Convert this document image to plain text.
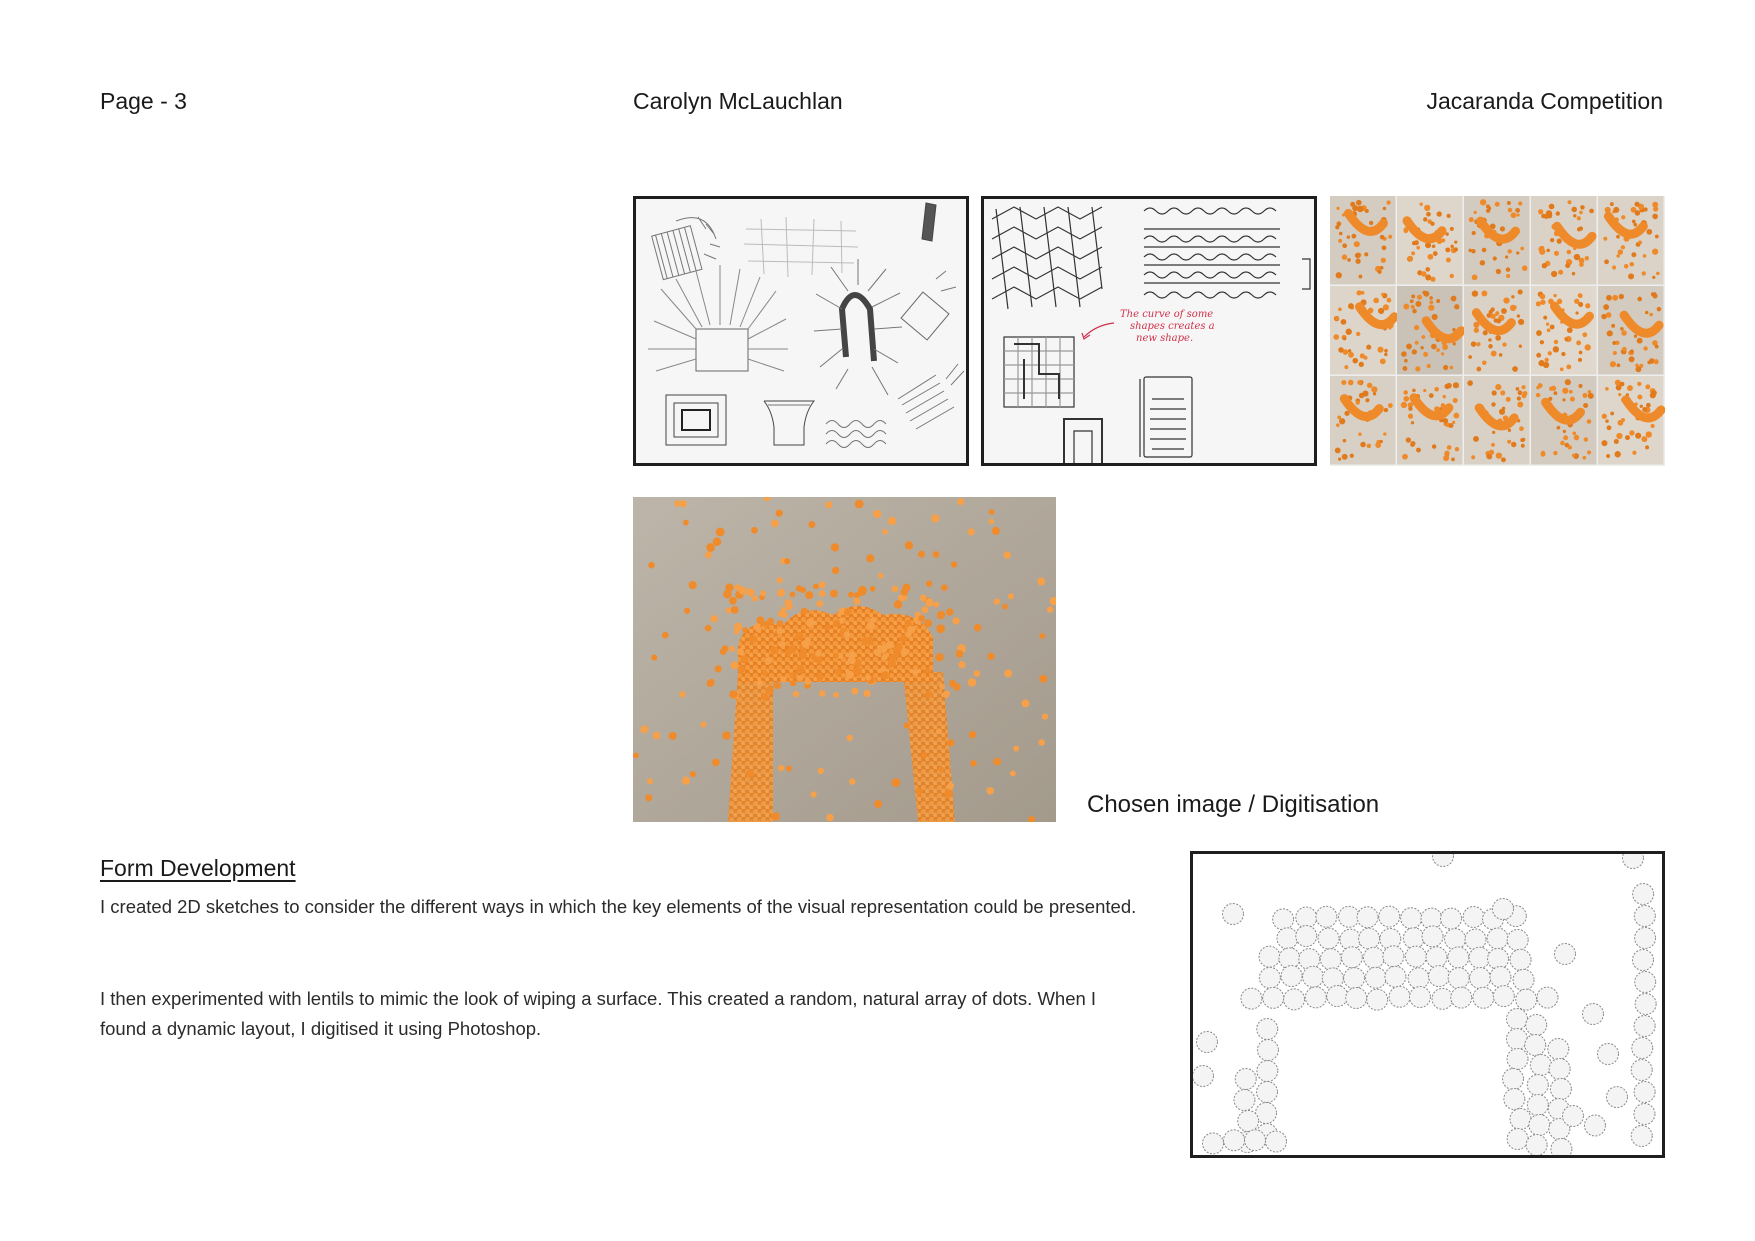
Page - 3	Carolyn McLauchlan	Jacaranda Competition
The curve of some
shapes creates a
new shape.
Chosen image / Digitisation
Form Development
I created 2D sketches to consider the different ways in which the key elements of the visual representation could be presented.
I then experimented with lentils to mimic the look of wiping a surface. This created a random, natural array of dots. When I found a dynamic layout, I digitised it using Photoshop.
